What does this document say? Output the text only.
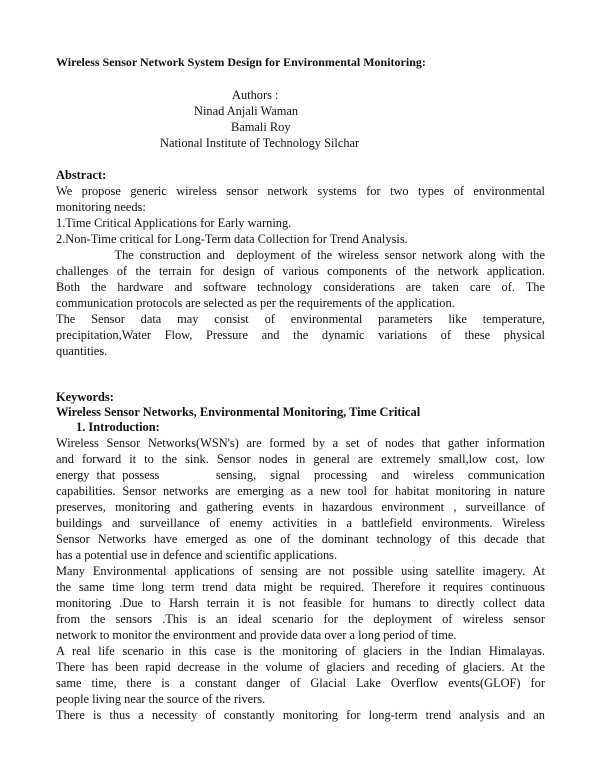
Wireless Sensor Network System Design for Environmental Monitoring:
Authors :
Ninad Anjali Waman
Bamali Roy
National Institute of Technology Silchar
Abstract:
We propose generic wireless sensor network systems for two types of environmental
monitoring needs:
1.Time Critical Applications for Early warning.
2.Non-Time critical for Long-Term data Collection for Trend Analysis.
The construction and  deployment of the wireless sensor network along with the
challenges of the terrain for design of various components of the network application.
Both the hardware and software technology considerations are taken care of. The
communication protocols are selected as per the requirements of the application.
The Sensor data may consist of environmental parameters like temperature,
precipitation,Water Flow, Pressure and the dynamic variations of these physical
quantities.
Keywords:
Wireless Sensor Networks, Environmental Monitoring, Time Critical
1. Introduction:
Wireless Sensor Networks(WSN's) are formed by a set of nodes that gather information
and forward it to the sink. Sensor nodes in general are extremely small,low cost, low
energy that possess        sensing,  signal  processing  and  wireless  communication
capabilities. Sensor networks are emerging as a new tool for habitat monitoring in nature
preserves, monitoring and gathering events in hazardous environment , surveillance of
buildings and surveillance of enemy activities in a battlefield environments. Wireless
Sensor Networks have emerged as one of the dominant technology of this decade that
has a potential use in defence and scientific applications.
Many Environmental applications of sensing are not possible using satellite imagery. At
the same time long term trend data might be required. Therefore it requires continuous
monitoring .Due to Harsh terrain it is not feasible for humans to directly collect data
from the sensors .This is an ideal scenario for the deployment of wireless sensor
network to monitor the environment and provide data over a long period of time.
A real life scenario in this case is the monitoring of glaciers in the Indian Himalayas.
There has been rapid decrease in the volume of glaciers and receding of glaciers. At the
same time, there is a constant danger of Glacial Lake Overflow events(GLOF) for
people living near the source of the rivers.
There is thus a necessity of constantly monitoring for long-term trend analysis and an
